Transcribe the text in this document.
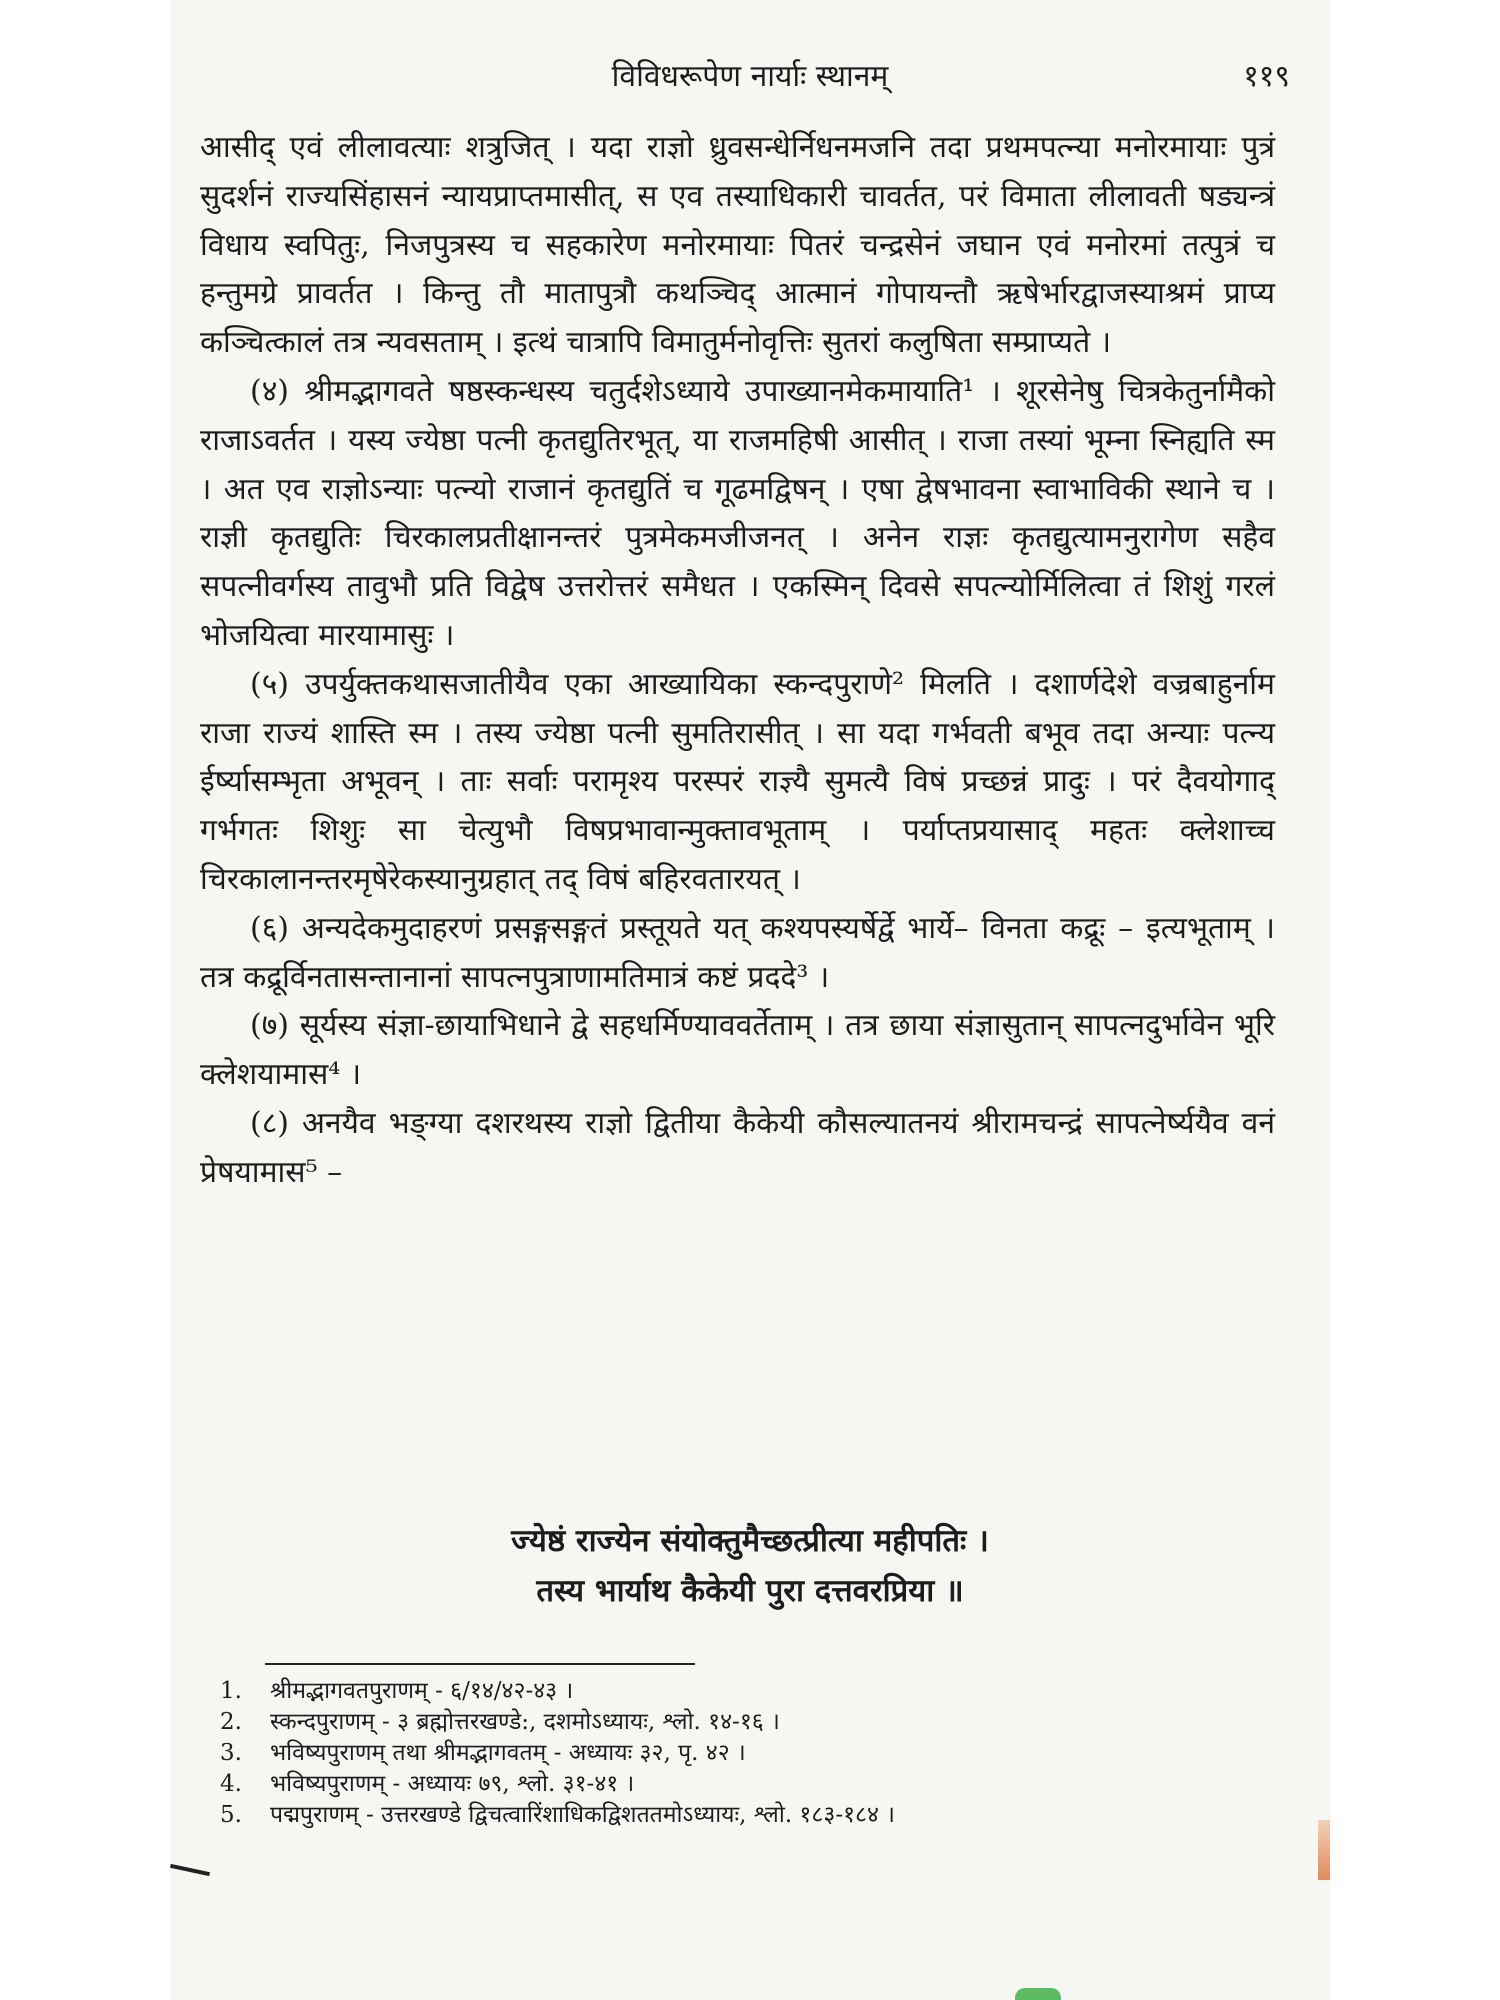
विविधरूपेण नार्याः स्थानम्	११९

आसीद् एवं लीलावत्याः शत्रुजित् । यदा राज्ञो ध्रुवसन्धेर्निधनमजनि तदा प्रथमपत्न्या मनोरमायाः पुत्रं सुदर्शनं राज्यसिंहासनं न्यायप्राप्तमासीत्, स एव तस्याधिकारी चावर्तत, परं विमाता लीलावती षड्यन्त्रं विधाय स्वपितुः, निजपुत्रस्य च सहकारेण मनोरमायाः पितरं चन्द्रसेनं जघान एवं मनोरमां तत्पुत्रं च हन्तुमग्रे प्रावर्तत । किन्तु तौ मातापुत्रौ कथञ्चिद् आत्मानं गोपायन्तौ ऋषेर्भारद्वाजस्याश्रमं प्राप्य कञ्चित्कालं तत्र न्यवसताम् । इत्थं चात्रापि विमातुर्मनोवृत्तिः सुतरां कलुषिता सम्प्राप्यते ।

(४) श्रीमद्भागवते षष्ठस्कन्धस्य चतुर्दशेऽध्याये उपाख्यानमेकमायाति¹ । शूरसेनेषु चित्रकेतुर्नामैको राजाऽवर्तत । यस्य ज्येष्ठा पत्नी कृतद्युतिरभूत्, या राजमहिषी आसीत् । राजा तस्यां भूम्ना स्निह्यति स्म । अत एव राज्ञोऽन्याः पत्न्यो राजानं कृतद्युतिं च गूढमद्विषन् । एषा द्वेषभावना स्वाभाविकी स्थाने च । राज्ञी कृतद्युतिः चिरकालप्रतीक्षानन्तरं पुत्रमेकमजीजनत् । अनेन राज्ञः कृतद्युत्यामनुरागेण सहैव सपत्नीवर्गस्य तावुभौ प्रति विद्वेष उत्तरोत्तरं समैधत । एकस्मिन् दिवसे सपत्न्योर्मिलित्वा तं शिशुं गरलं भोजयित्वा मारयामासुः ।

(५) उपर्युक्तकथासजातीयैव एका आख्यायिका स्कन्दपुराणे² मिलति । दशार्णदेशे वज्रबाहुर्नाम राजा राज्यं शास्ति स्म । तस्य ज्येष्ठा पत्नी सुमतिरासीत् । सा यदा गर्भवती बभूव तदा अन्याः पत्न्य ईर्ष्यासम्भृता अभूवन् । ताः सर्वाः परामृश्य परस्परं राज्ञ्यै सुमत्यै विषं प्रच्छन्नं प्रादुः । परं दैवयोगाद् गर्भगतः शिशुः सा चेत्युभौ विषप्रभावान्मुक्तावभूताम् । पर्याप्तप्रयासाद् महतः क्लेशाच्च चिरकालानन्तरमृषेरेकस्यानुग्रहात् तद् विषं बहिरवतारयत् ।

(६) अन्यदेकमुदाहरणं प्रसङ्गसङ्गतं प्रस्तूयते यत् कश्यपस्यर्षेर्द्वे भार्ये– विनता कद्रूः – इत्यभूताम् । तत्र कद्रूर्विनतासन्तानानां सापत्नपुत्राणामतिमात्रं कष्टं प्रददे³ ।

(७) सूर्यस्य संज्ञा-छायाभिधाने द्वे सहधर्मिण्याववर्तेताम् । तत्र छाया संज्ञासुतान् सापत्नदुर्भावेन भूरि क्लेशयामास⁴ ।

(८) अनयैव भङ्ग्या दशरथस्य राज्ञो द्वितीया कैकेयी कौसल्यातनयं श्रीरामचन्द्रं सापत्नेर्ष्ययैव वनं प्रेषयामास⁵ –

ज्येष्ठं राज्येन संयोक्तुमैच्छत्प्रीत्या महीपतिः ।
तस्य भार्याथ कैकेयी पुरा दत्तवरप्रिया ॥
1.	श्रीमद्भागवतपुराणम् - ६/१४/४२-४३ ।
2.	स्कन्दपुराणम् - ३ ब्रह्मोत्तरखण्डे:, दशमोऽध्यायः, श्लो. १४-१६ ।
3.	भविष्यपुराणम् तथा श्रीमद्भागवतम् - अध्यायः ३२, पृ. ४२ ।
4.	भविष्यपुराणम् - अध्यायः ७९, श्लो. ३१-४१ ।
5.	पद्मपुराणम् - उत्तरखण्डे द्विचत्वारिंशाधिकद्विशततमोऽध्यायः, श्लो. १८३-१८४ ।
